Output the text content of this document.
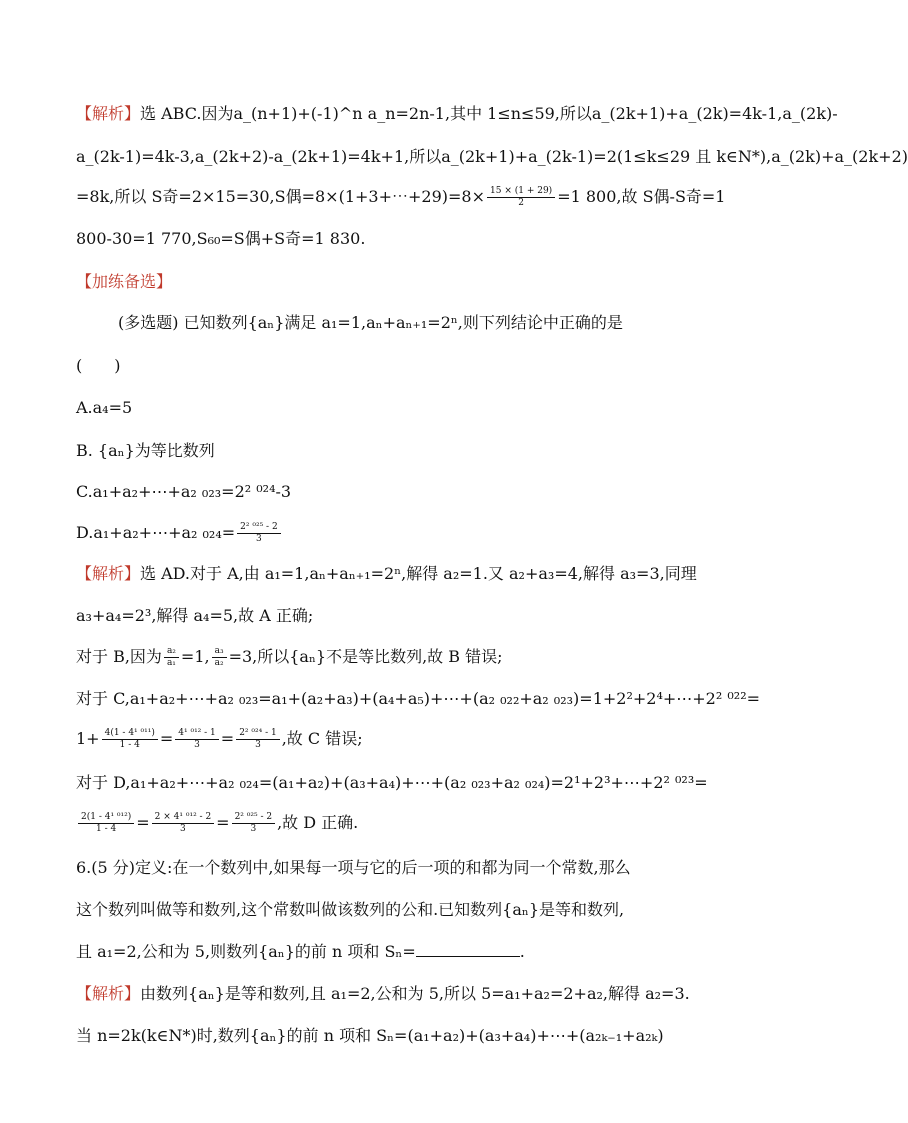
【解析】选 ABC.因为a_(n+1)+(-1)^n a_n=2n-1,其中 1≤n≤59,所以a_(2k+1)+a_(2k)=4k-1,a_(2k)-
a_(2k-1)=4k-3,a_(2k+2)-a_(2k+1)=4k+1,所以a_(2k+1)+a_(2k-1)=2(1≤k≤29 且 k∈N*),a_(2k)+a_(2k+2)
=8k,所以 S奇=2×15=30,S偶=8×(1+3+⋯+29)=8× $\frac{15 \times (1 + 29)}{2} =1$ 800,故 S偶-S奇=1
800-30=1 770,S₆₀=S偶+S奇=1 830.
【加练备选】
(多选题) 已知数列{aₙ}满足 a₁=1,aₙ+aₙ₊₁=2ⁿ,则下列结论中正确的是
(　　)
A.a₄=5
B. {aₙ}为等比数列
C.a₁+a₂+⋯+a₂ ₀₂₃=2² ⁰²⁴-3
D.a₁+a₂+⋯+a₂ $_{024}= \frac{\text{2² ⁰²⁵ - 2}}{3}$
【解析】选 AD.对于 A,由 a₁=1,aₙ+aₙ₊₁=2ⁿ,解得 a₂=1.又 a₂+a₃=4,解得 a₃=3,同理
a₃+a₄=2³,解得 a₄=5,故 A 正确;
对于 B,因为 $\frac{\text{a₂}}{\text{a₁}} =1$, $\frac{\text{a₃}}{\text{a₂}} =3$,所以{aₙ}不是等比数列,故 B 错误;
对于 C,a₁+a₂+⋯+a₂ ₀₂₃=a₁+(a₂+a₃)+(a₄+a₅)+⋯+(a₂ ₀₂₂+a₂ ₀₂₃)=1+2²+2⁴+⋯+2² ⁰²²=
$1+ \frac{\text{4(1 - 4¹ ⁰¹¹)}}{1 - 4} = \frac{\text{4¹ ⁰¹² - 1}}{3} = \frac{\text{2² ⁰²⁴ - 1}}{3}$ ,故 C 错误;
对于 D,a₁+a₂+⋯+a₂ ₀₂₄=(a₁+a₂)+(a₃+a₄)+⋯+(a₂ ₀₂₃+a₂ ₀₂₄)=2¹+2³+⋯+2² ⁰²³=
$\frac{\text{2(1 - 4¹ ⁰¹²)}}{1 - 4} = \frac{\text{2 × 4¹ ⁰¹² - 2}}{3} = \frac{\text{2² ⁰²⁵ - 2}}{3}$ ,故 D 正确.
6.(5 分)定义:在一个数列中,如果每一项与它的后一项的和都为同一个常数,那么
这个数列叫做等和数列,这个常数叫做该数列的公和.已知数列{aₙ}是等和数列,
且 a₁=2,公和为 5,则数列{aₙ}的前 n 项和 Sₙ=	.
【解析】由数列{aₙ}是等和数列,且 a₁=2,公和为 5,所以 5=a₁+a₂=2+a₂,解得 a₂=3.
当 n=2k(k∈N*)时,数列{aₙ}的前 n 项和 Sₙ=(a₁+a₂)+(a₃+a₄)+⋯+(a₂ₖ₋₁+a₂ₖ)
